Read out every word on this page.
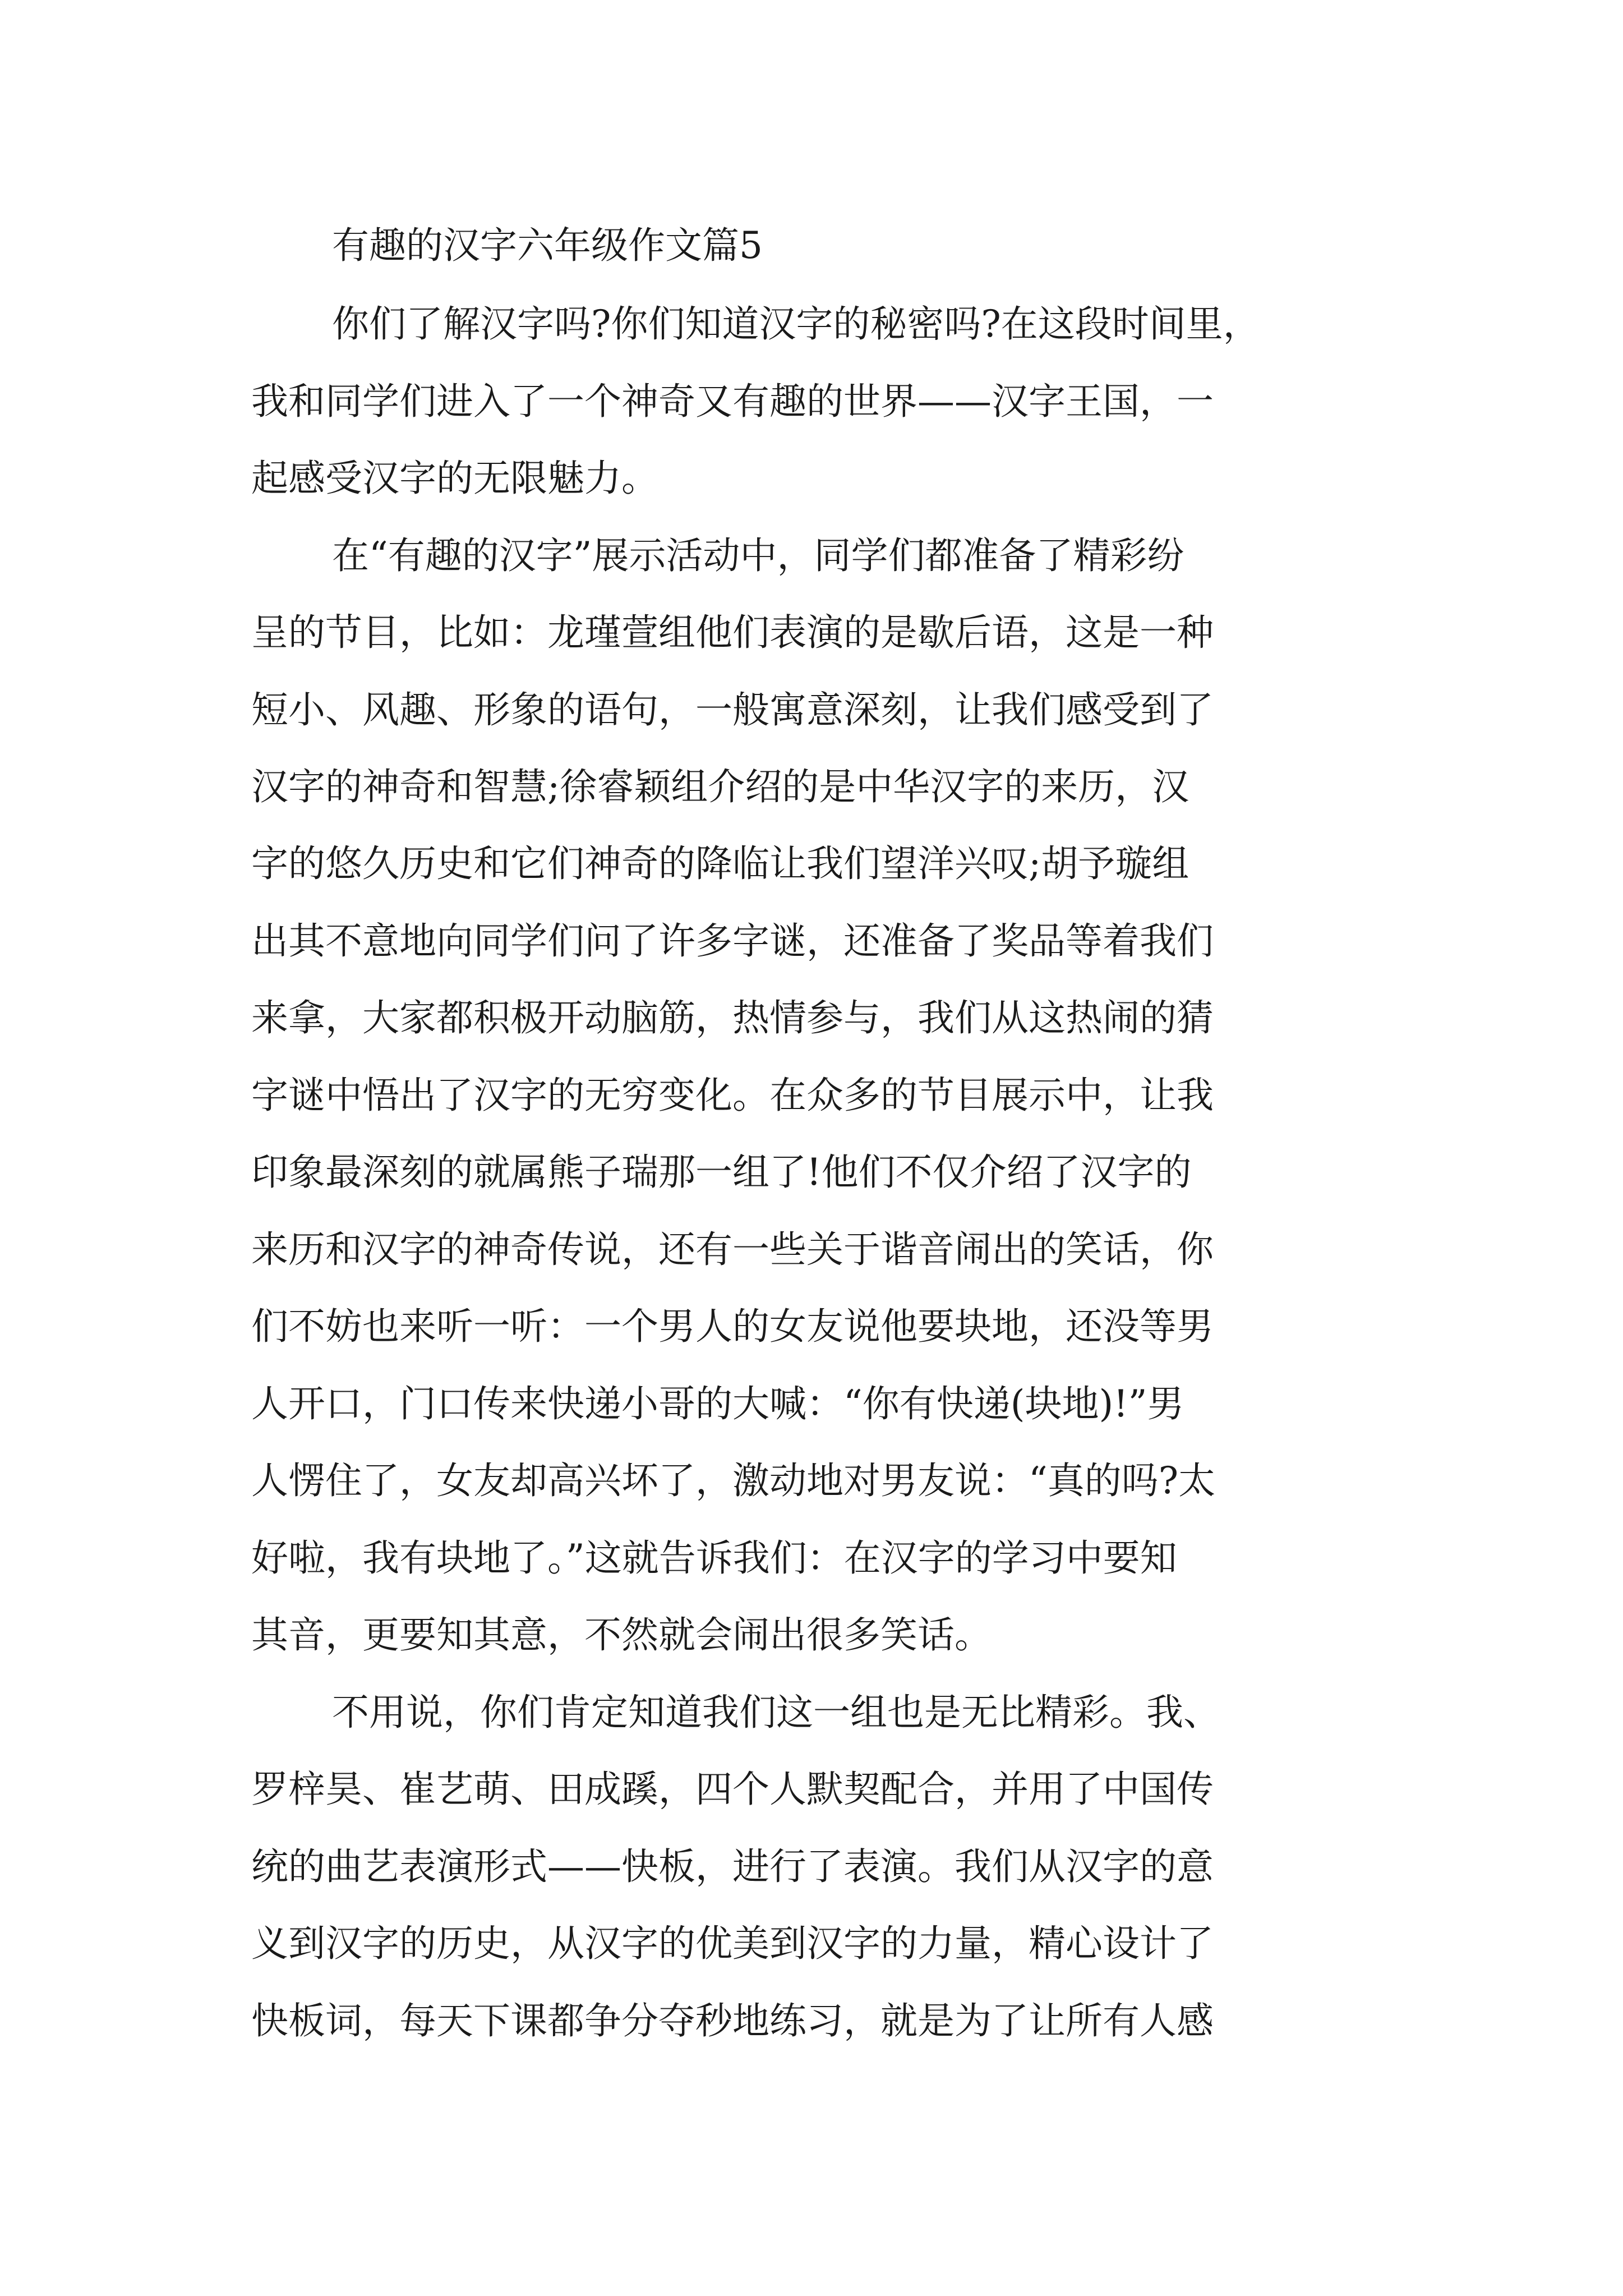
有趣的汉字六年级作文篇5
你们了解汉字吗?你们知道汉字的秘密吗?在这段时间里，
我和同学们进入了一个神奇又有趣的世界——汉字王国，一
起感受汉字的无限魅力。
在“有趣的汉字”展示活动中，同学们都准备了精彩纷
呈的节目，比如：龙瑾萱组他们表演的是歇后语，这是一种
短小、风趣、形象的语句，一般寓意深刻，让我们感受到了
汉字的神奇和智慧;徐睿颖组介绍的是中华汉字的来历，汉
字的悠久历史和它们神奇的降临让我们望洋兴叹;胡予璇组
出其不意地向同学们问了许多字谜，还准备了奖品等着我们
来拿，大家都积极开动脑筋，热情参与，我们从这热闹的猜
字谜中悟出了汉字的无穷变化。在众多的节目展示中，让我
印象最深刻的就属熊子瑞那一组了!他们不仅介绍了汉字的
来历和汉字的神奇传说，还有一些关于谐音闹出的笑话，你
们不妨也来听一听：一个男人的女友说他要块地，还没等男
人开口，门口传来快递小哥的大喊：“你有快递(块地)!”男
人愣住了，女友却高兴坏了，激动地对男友说：“真的吗?太
好啦，我有块地了。”这就告诉我们：在汉字的学习中要知
其音，更要知其意，不然就会闹出很多笑话。
不用说，你们肯定知道我们这一组也是无比精彩。我、
罗梓昊、崔艺萌、田成蹊，四个人默契配合，并用了中国传
统的曲艺表演形式——快板，进行了表演。我们从汉字的意
义到汉字的历史，从汉字的优美到汉字的力量，精心设计了
快板词，每天下课都争分夺秒地练习，就是为了让所有人感
